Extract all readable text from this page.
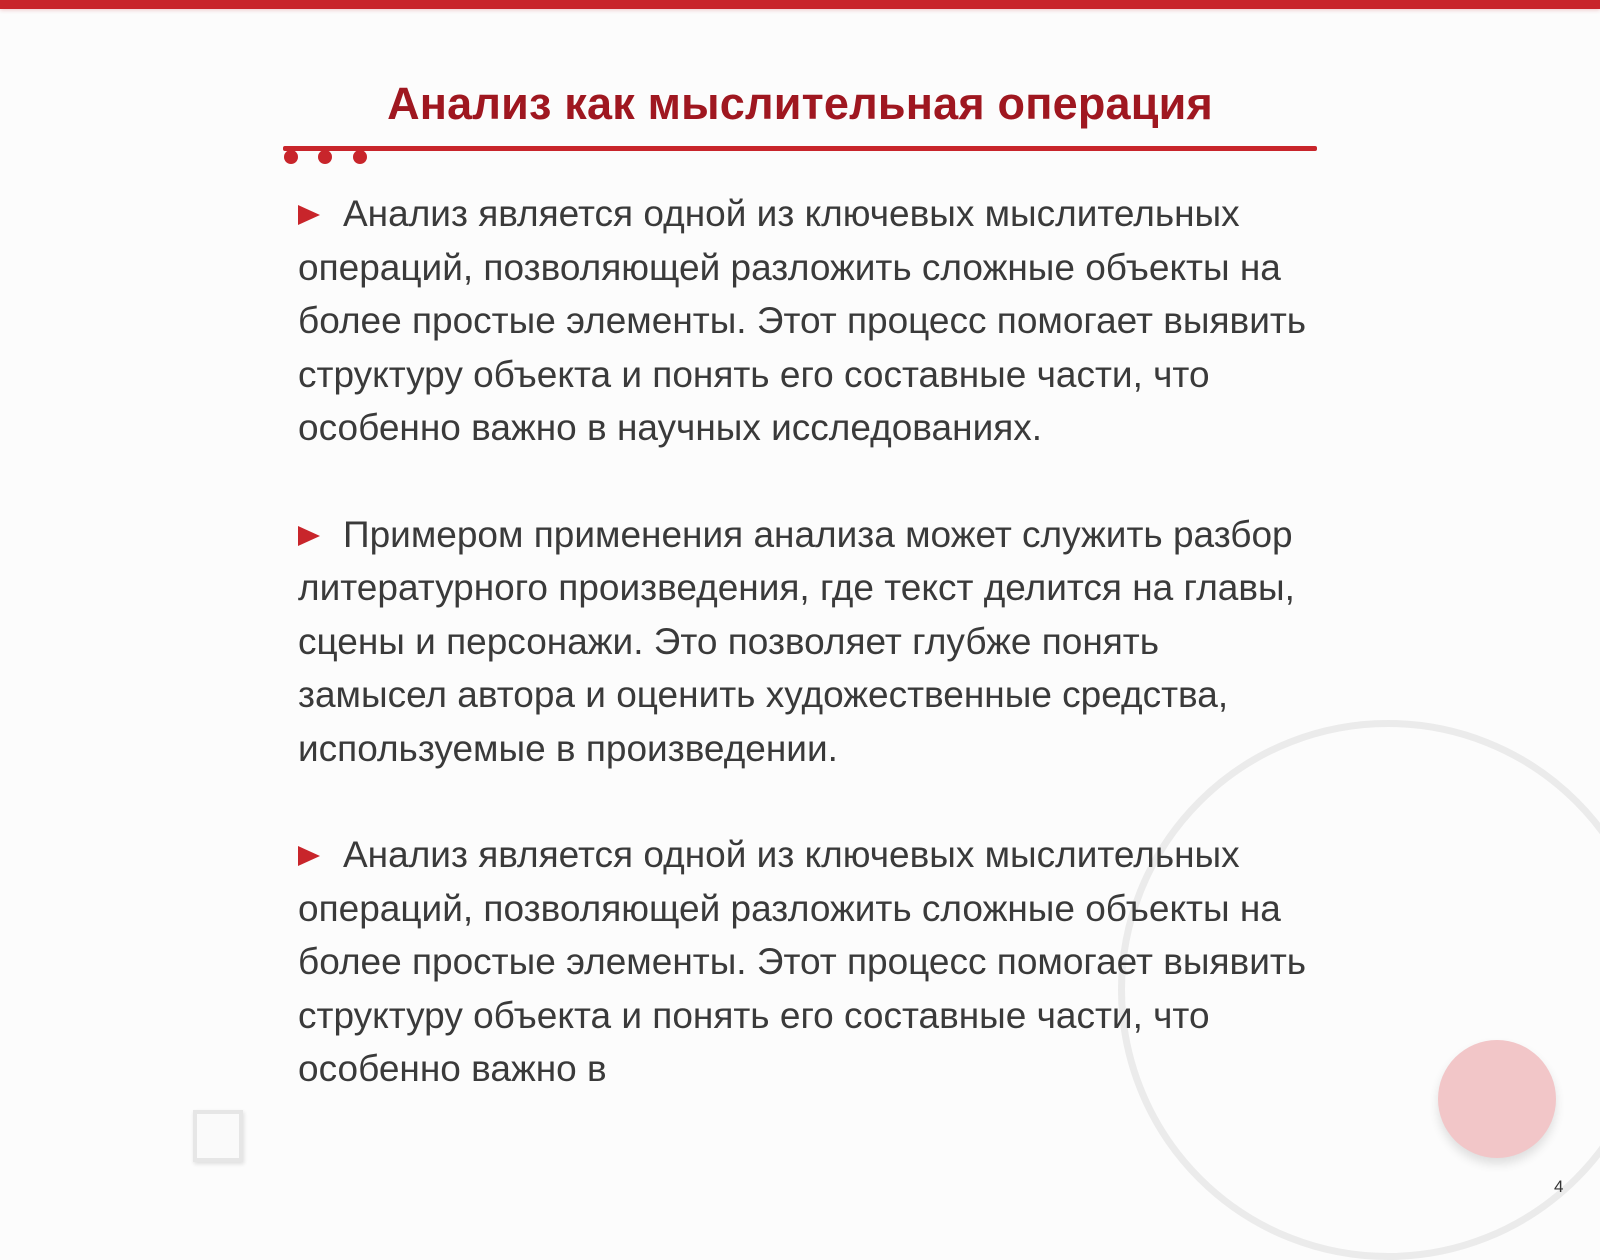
Анализ как мыслительная операция
Анализ является одной из ключевых мыслительных операций, позволяющей разложить сложные объекты на более простые элементы. Этот процесс помогает выявить структуру объекта и понять его составные части, что особенно важно в научных исследованиях.
Примером применения анализа может служить разбор литературного произведения, где текст делится на главы, сцены и персонажи. Это позволяет глубже понять замысел автора и оценить художественные средства, используемые в произведении.
Анализ является одной из ключевых мыслительных операций, позволяющей разложить сложные объекты на более простые элементы. Этот процесс помогает выявить структуру объекта и понять его составные части, что особенно важно в
4
